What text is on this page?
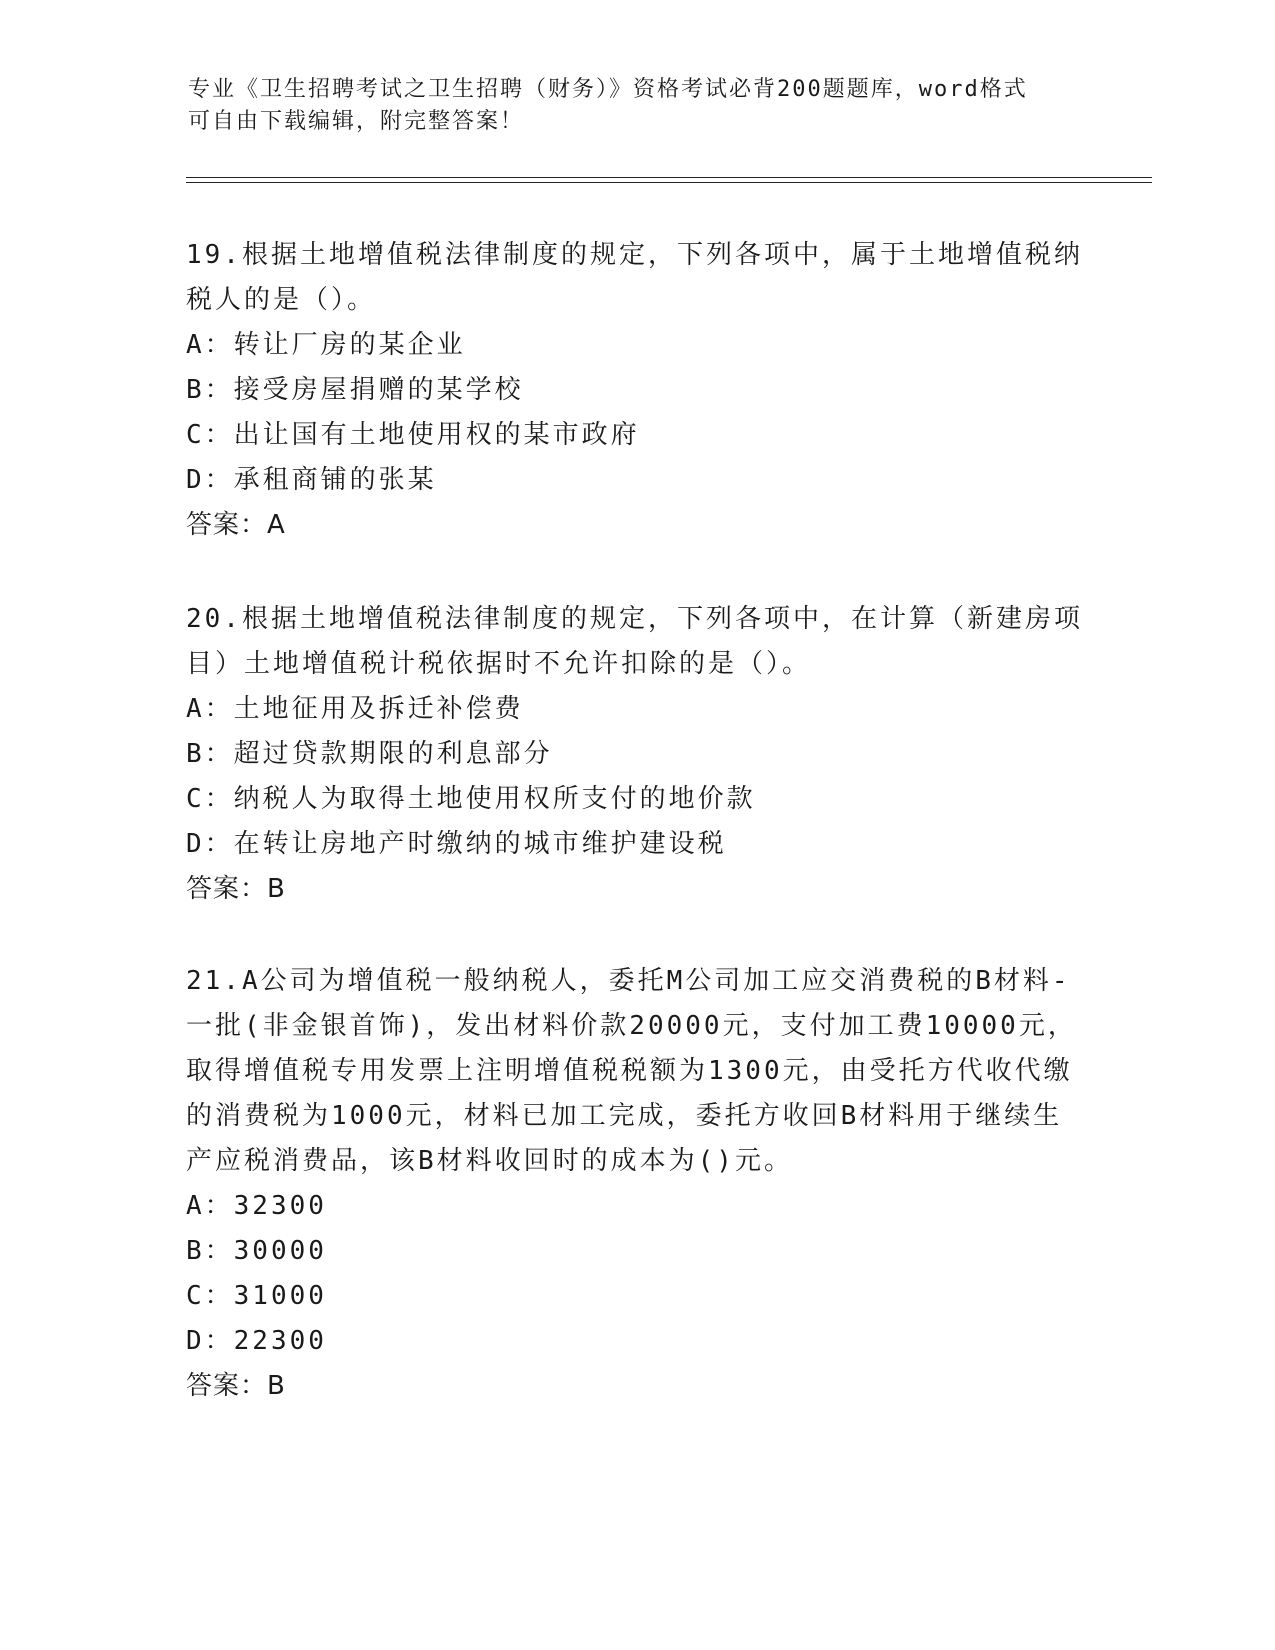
专业《卫生招聘考试之卫生招聘（财务）》资格考试必背200题题库，word格式
可自由下载编辑，附完整答案！
19.根据土地增值税法律制度的规定，下列各项中，属于土地增值税纳
税人的是（）。
A：转让厂房的某企业
B：接受房屋捐赠的某学校
C：出让国有土地使用权的某市政府
D：承租商铺的张某
答案：A
20.根据土地增值税法律制度的规定，下列各项中，在计算（新建房项
目）土地增值税计税依据时不允许扣除的是（）。
A：土地征用及拆迁补偿费
B：超过贷款期限的利息部分
C：纳税人为取得土地使用权所支付的地价款
D：在转让房地产时缴纳的城市维护建设税
答案：B
21.A公司为增值税一般纳税人，委托M公司加工应交消费税的B材料-
一批(非金银首饰)，发出材料价款20000元，支付加工费10000元，
取得增值税专用发票上注明增值税税额为1300元，由受托方代收代缴
的消费税为1000元，材料已加工完成，委托方收回B材料用于继续生
产应税消费品，该B材料收回时的成本为()元。
A：32300
B：30000
C：31000
D：22300
答案：B
